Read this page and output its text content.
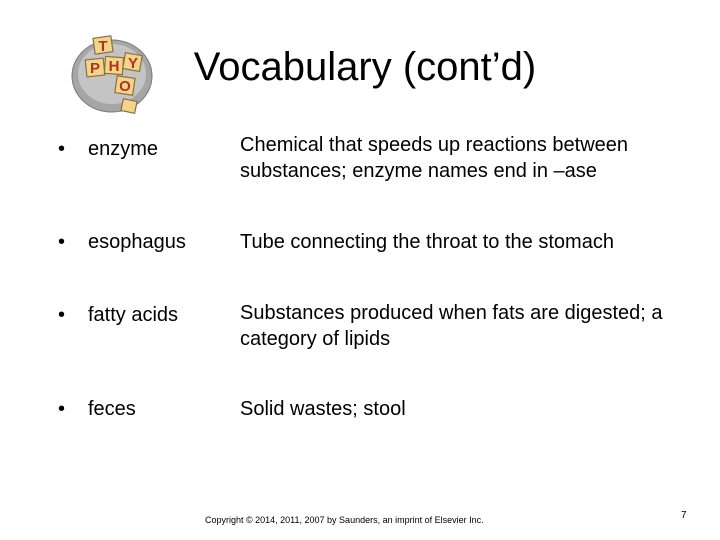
T
P H Y
O	Vocabulary (cont’d)
• enzyme	Chemical that speeds up reactions between substances; enzyme names end in –ase
• esophagus	Tube connecting the throat to the stomach
• fatty acids	Substances produced when fats are digested; a category of lipids
• feces	Solid wastes; stool
Copyright © 2014, 2011, 2007 by Saunders, an imprint of Elsevier Inc.	7
